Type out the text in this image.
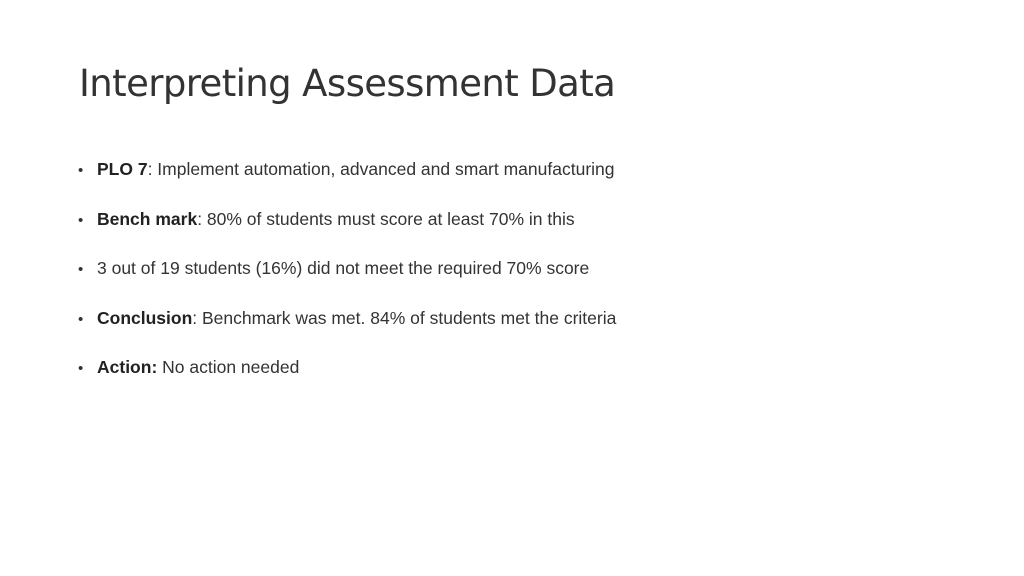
Interpreting Assessment Data
• PLO 7 : Implement automation, advanced and smart manufacturing
• Bench mark : 80% of students must score at least 70% in this
• 3 out of 19 students (16%) did not meet the required 70% score
• Conclusion : Benchmark was met. 84% of students met the criteria
• Action: No action needed
